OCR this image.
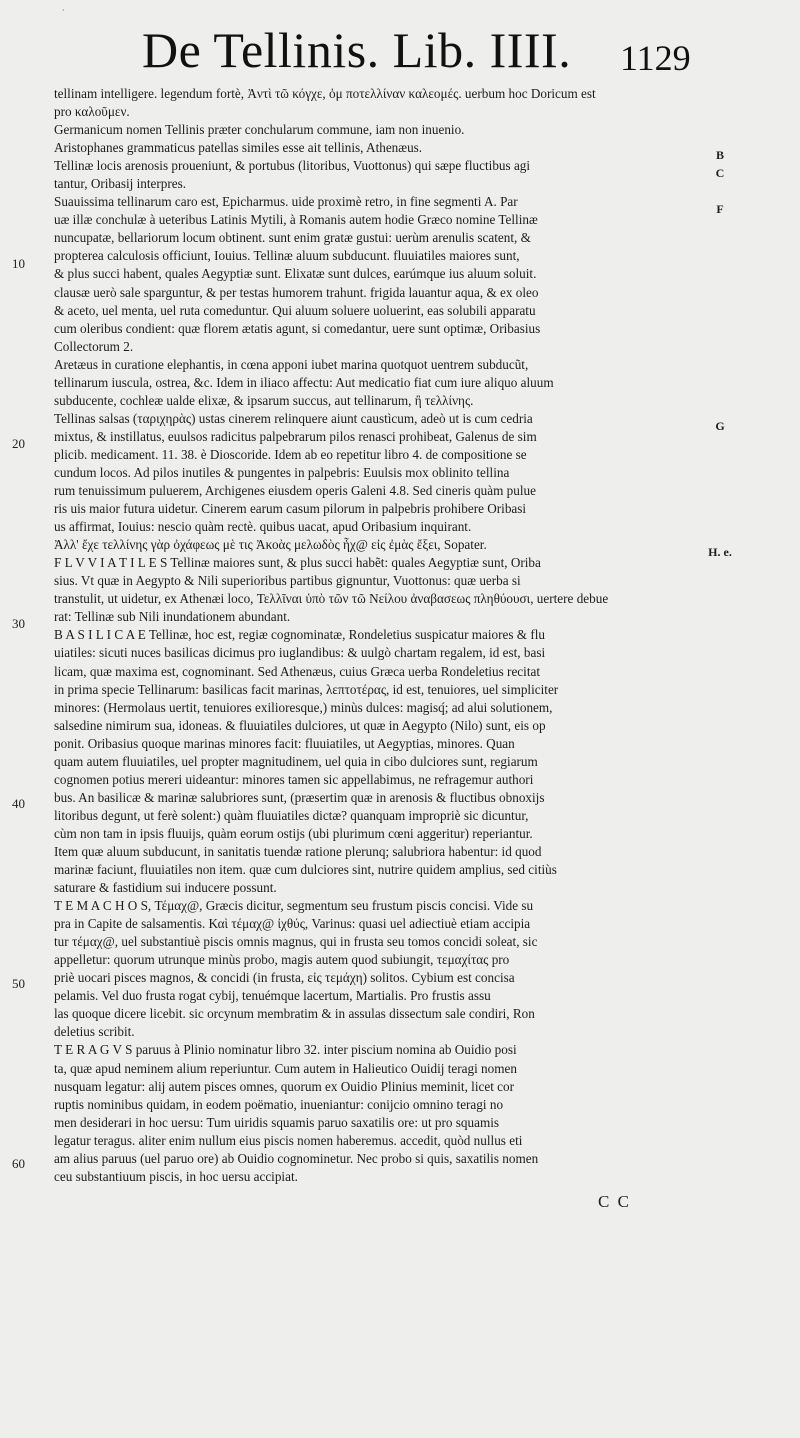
·
De Tellinis. Lib. IIII. 1129
tellinam intelligere. legendum fortè, Ἀντὶ τῶ κόγχε, ὀμ ποτελλίναν καλεομές. uerbum hoc Doricum est
pro καλοῦμεν.
Germanicum nomen Tellinis præter conchularum commune, iam non inuenio.
Aristophanes grammaticus patellas similes esse ait tellinis, Athenæus.
Tellinæ locis arenosis proueniunt, & portubus (litoribus, Vuottonus) qui sæpe fluctibus agi
tantur, Oribasij interpres.
Suauissima tellinarum caro est, Epicharmus. uide proximè retro, in fine segmenti A. Par
uæ illæ conchulæ à ueteribus Latinis Mytili, à Romanis autem hodie Græco nomine Tellinæ
nuncupatæ, bellariorum locum obtinent. sunt enim gratæ gustui: uerùm arenulis scatent, &
propterea calculosis officiunt, Iouius. Tellinæ aluum subducunt. fluuiatiles maiores sunt,
& plus succi habent, quales Aegyptiæ sunt. Elixatæ sunt dulces, earúmque ius aluum soluit.
clausæ uerò sale sparguntur, & per testas humorem trahunt. frigida lauantur aqua, & ex oleo
& aceto, uel menta, uel ruta comeduntur. Qui aluum soluere uoluerint, eas solubili apparatu
cum oleribus condient: quæ florem ætatis agunt, si comedantur, uere sunt optimæ, Oribasius
Collectorum 2.
Aretæus in curatione elephantis, in cœna apponi iubet marina quotquot uentrem subducũt,
tellinarum iuscula, ostrea, &c. Idem in iliaco affectu: Aut medicatio fiat cum iure aliquo aluum
subducente, cochleæ ualde elixæ, & ipsarum succus, aut tellinarum, ἢ τελλίνης.
Tellinas salsas (ταριχηρὰς) ustas cinerem relinquere aiunt caustìcum, adeò ut is cum cedria
mixtus, & instillatus, euulsos radicitus palpebrarum pilos renasci prohibeat, Galenus de sim
plicib. medicament. 11. 38. è Dioscoride. Idem ab eo repetitur libro 4. de compositione se
cundum locos. Ad pilos inutiles & pungentes in palpebris: Euulsis mox oblinito tellina
rum tenuissimum puluerem, Archigenes eiusdem operis Galeni 4.8. Sed cineris quàm pulue
ris uis maior futura uidetur. Cinerem earum casum pilorum in palpebris prohibere Oribasi
us affirmat, Iouius: nescio quàm rectè. quibus uacat, apud Oribasium inquirant.
Ἀλλ' ἔχε τελλίνης γὰρ ὀχάφεως μὲ τις Ἀκοὰς μελωδὸς ἦχ@ εἰς ἐμὰς ἔξει, Sopater.
F L V V I A T I L E S Tellinæ maiores sunt, & plus succi habẽt: quales Aegyptiæ sunt, Oriba
sius. Vt quæ in Aegypto & Nili superioribus partibus gignuntur, Vuottonus: quæ uerba si
transtulit, ut uidetur, ex Athenæi loco, Τελλῖναι ὑπὸ τῶν τῶ Νείλου ἀναβασεως πληθύουσι, uertere debue
rat: Tellinæ sub Nili inundationem abundant.
B A S I L I C A E Tellinæ, hoc est, regiæ cognominatæ, Rondeletius suspicatur maiores & flu
uiatiles: sicuti nuces basilicas dicimus pro iuglandibus: & uulgò chartam regalem, id est, basi
licam, quæ maxima est, cognominant. Sed Athenæus, cuius Græca uerba Rondeletius recitat
in prima specie Tellinarum: basilicas facit marinas, λεπτοτέρας, id est, tenuiores, uel simpliciter
minores: (Hermolaus uertit, tenuiores exilioresque,) minùs dulces: magisq́; ad alui solutionem,
salsedine nimirum sua, idoneas. & fluuiatiles dulciores, ut quæ in Aegypto (Nilo) sunt, eis op
ponit. Oribasius quoque marinas minores facit: fluuiatiles, ut Aegyptias, minores. Quan
quam autem fluuiatiles, uel propter magnitudinem, uel quia in cibo dulciores sunt, regiarum
cognomen potius mereri uideantur: minores tamen sic appellabimus, ne refragemur authori
bus. An basilicæ & marinæ salubriores sunt, (præsertim quæ in arenosis & fluctibus obnoxijs
litoribus degunt, ut ferè solent:) quàm fluuiatiles dictæ? quanquam impropriè sic dicuntur,
cùm non tam in ipsis fluuijs, quàm eorum ostijs (ubi plurimum cœni aggeritur) reperiantur.
Item quæ aluum subducunt, in sanitatis tuendæ ratione plerunq; salubriora habentur: id quod
marinæ faciunt, fluuiatiles non item. quæ cum dulciores sint, nutrire quidem amplius, sed citiùs
saturare & fastidium sui inducere possunt.
T E M A C H O S, Τέμαχ@, Græcis dicitur, segmentum seu frustum piscis concisi. Vide su
pra in Capite de salsamentis. Καὶ τέμαχ@ ἰχθύς, Varinus: quasi uel adiectiuè etiam accipia
tur τέμαχ@, uel substantiuè piscis omnis magnus, qui in frusta seu tomos concidi soleat, sic
appelletur: quorum utrunque minùs probo, magis autem quod subiungit, τεμαχίτας pro
priè uocari pisces magnos, & concidi (in frusta, εἰς τεμάχη) solitos. Cybium est concisa
pelamis. Vel duo frusta rogat cybij, tenuémque lacertum, Martialis. Pro frustis assu
las quoque dicere licebit. sic orcynum membratim & in assulas dissectum sale condiri, Ron
deletius scribit.
T E R A G V S paruus à Plinio nominatur libro 32. inter piscium nomina ab Ouidio posi
ta, quæ apud neminem alium reperiuntur. Cum autem in Halieutico Ouidij teragi nomen
nusquam legatur: alij autem pisces omnes, quorum ex Ouidio Plinius meminit, licet cor
ruptis nominibus quidam, in eodem poëmatio, inueniantur: conijcio omnino teragi no
men desiderari in hoc uersu: Tum uiridis squamis paruo saxatilis ore: ut pro squamis
legatur teragus. aliter enim nullum eius piscis nomen haberemus. accedit, quòd nullus eti
am alius paruus (uel paruo ore) ab Ouidio cognominetur. Nec probo si quis, saxatilis nomen
ceu substantiuum piscis, in hoc uersu accipiat.
10
20
30
40
50
60
B
C
F
G
H. e.
C C
